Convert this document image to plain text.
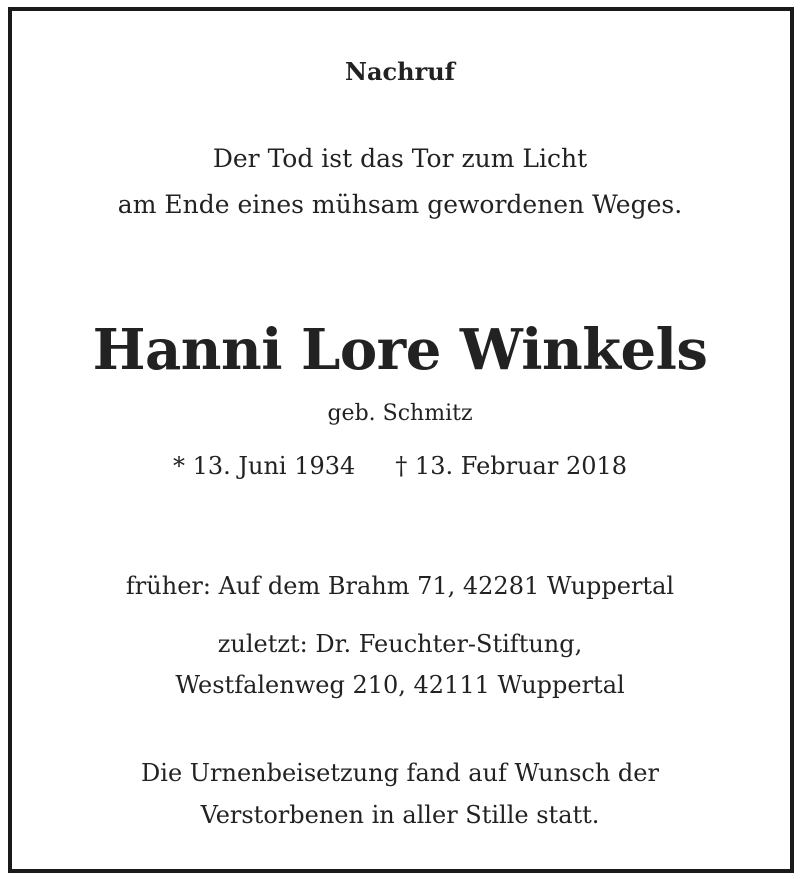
Nachruf
Der Tod ist das Tor zum Licht
am Ende eines mühsam gewordenen Weges.
Hanni Lore Winkels
geb. Schmitz
* 13. Juni 1934 † 13. Februar 2018
früher: Auf dem Brahm 71, 42281 Wuppertal
zuletzt: Dr. Feuchter-Stiftung,
Westfalenweg 210, 42111 Wuppertal
Die Urnenbeisetzung fand auf Wunsch der
Verstorbenen in aller Stille statt.
